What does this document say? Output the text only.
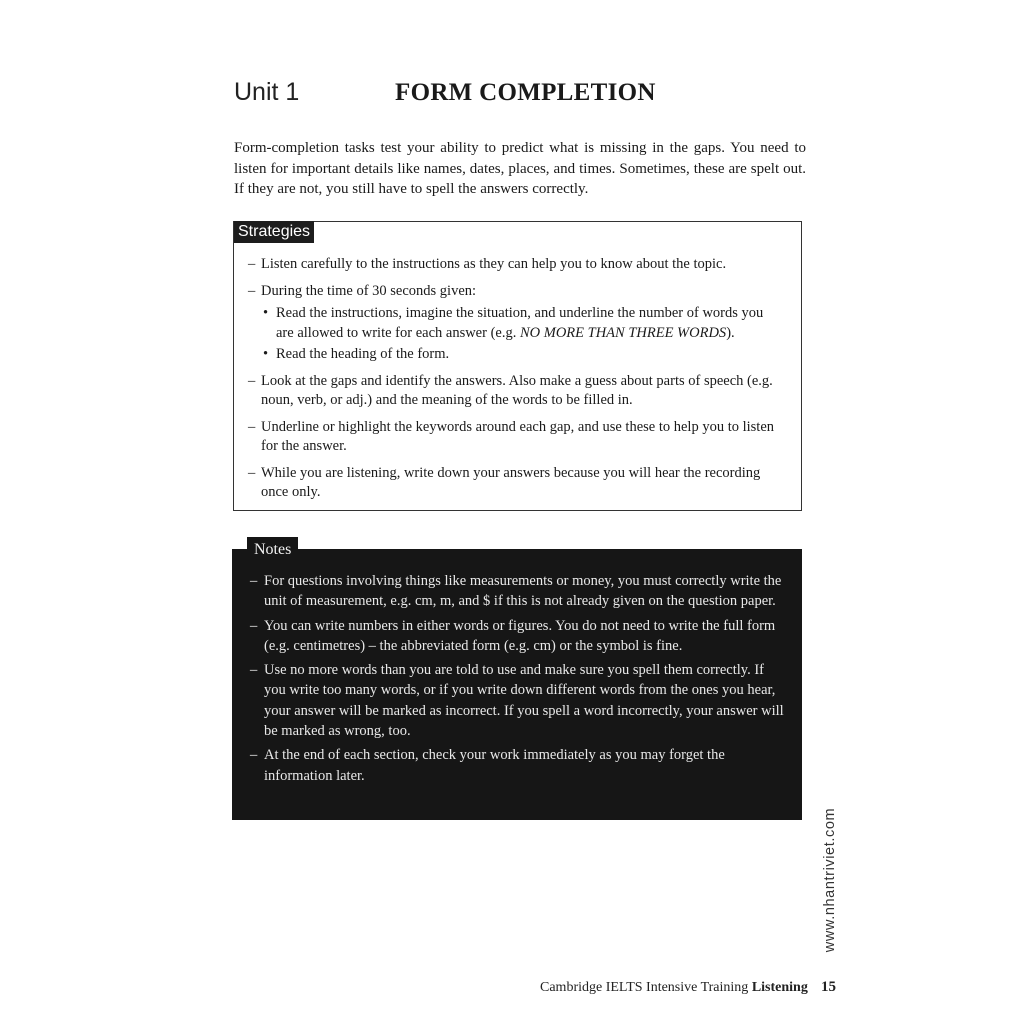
Unit 1	FORM COMPLETION

Form-completion tasks test your ability to predict what is missing in the gaps. You need to listen for important details like names, dates, places, and times. Sometimes, these are spelt out. If they are not, you still have to spell the answers correctly.

Strategies
– Listen carefully to the instructions as they can help you to know about the topic.
– During the time of 30 seconds given:
• Read the instructions, imagine the situation, and underline the number of words you are allowed to write for each answer (e.g. NO MORE THAN THREE WORDS).
• Read the heading of the form.
– Look at the gaps and identify the answers. Also make a guess about parts of speech (e.g. noun, verb, or adj.) and the meaning of the words to be filled in.
– Underline or highlight the keywords around each gap, and use these to help you to listen for the answer.
– While you are listening, write down your answers because you will hear the recording once only.
Notes
– For questions involving things like measurements or money, you must correctly write the unit of measurement, e.g. cm, m, and $ if this is not already given on the question paper.
– You can write numbers in either words or figures. You do not need to write the full form (e.g. centimetres) – the abbreviated form (e.g. cm) or the symbol is fine.
– Use no more words than you are told to use and make sure you spell them correctly. If you write too many words, or if you write down different words from the ones you hear, your answer will be marked as incorrect. If you spell a word incorrectly, your answer will be marked as wrong, too.
– At the end of each section, check your work immediately as you may forget the information later.
www.nhantriviet.com
Cambridge IELTS Intensive Training Listening 15
